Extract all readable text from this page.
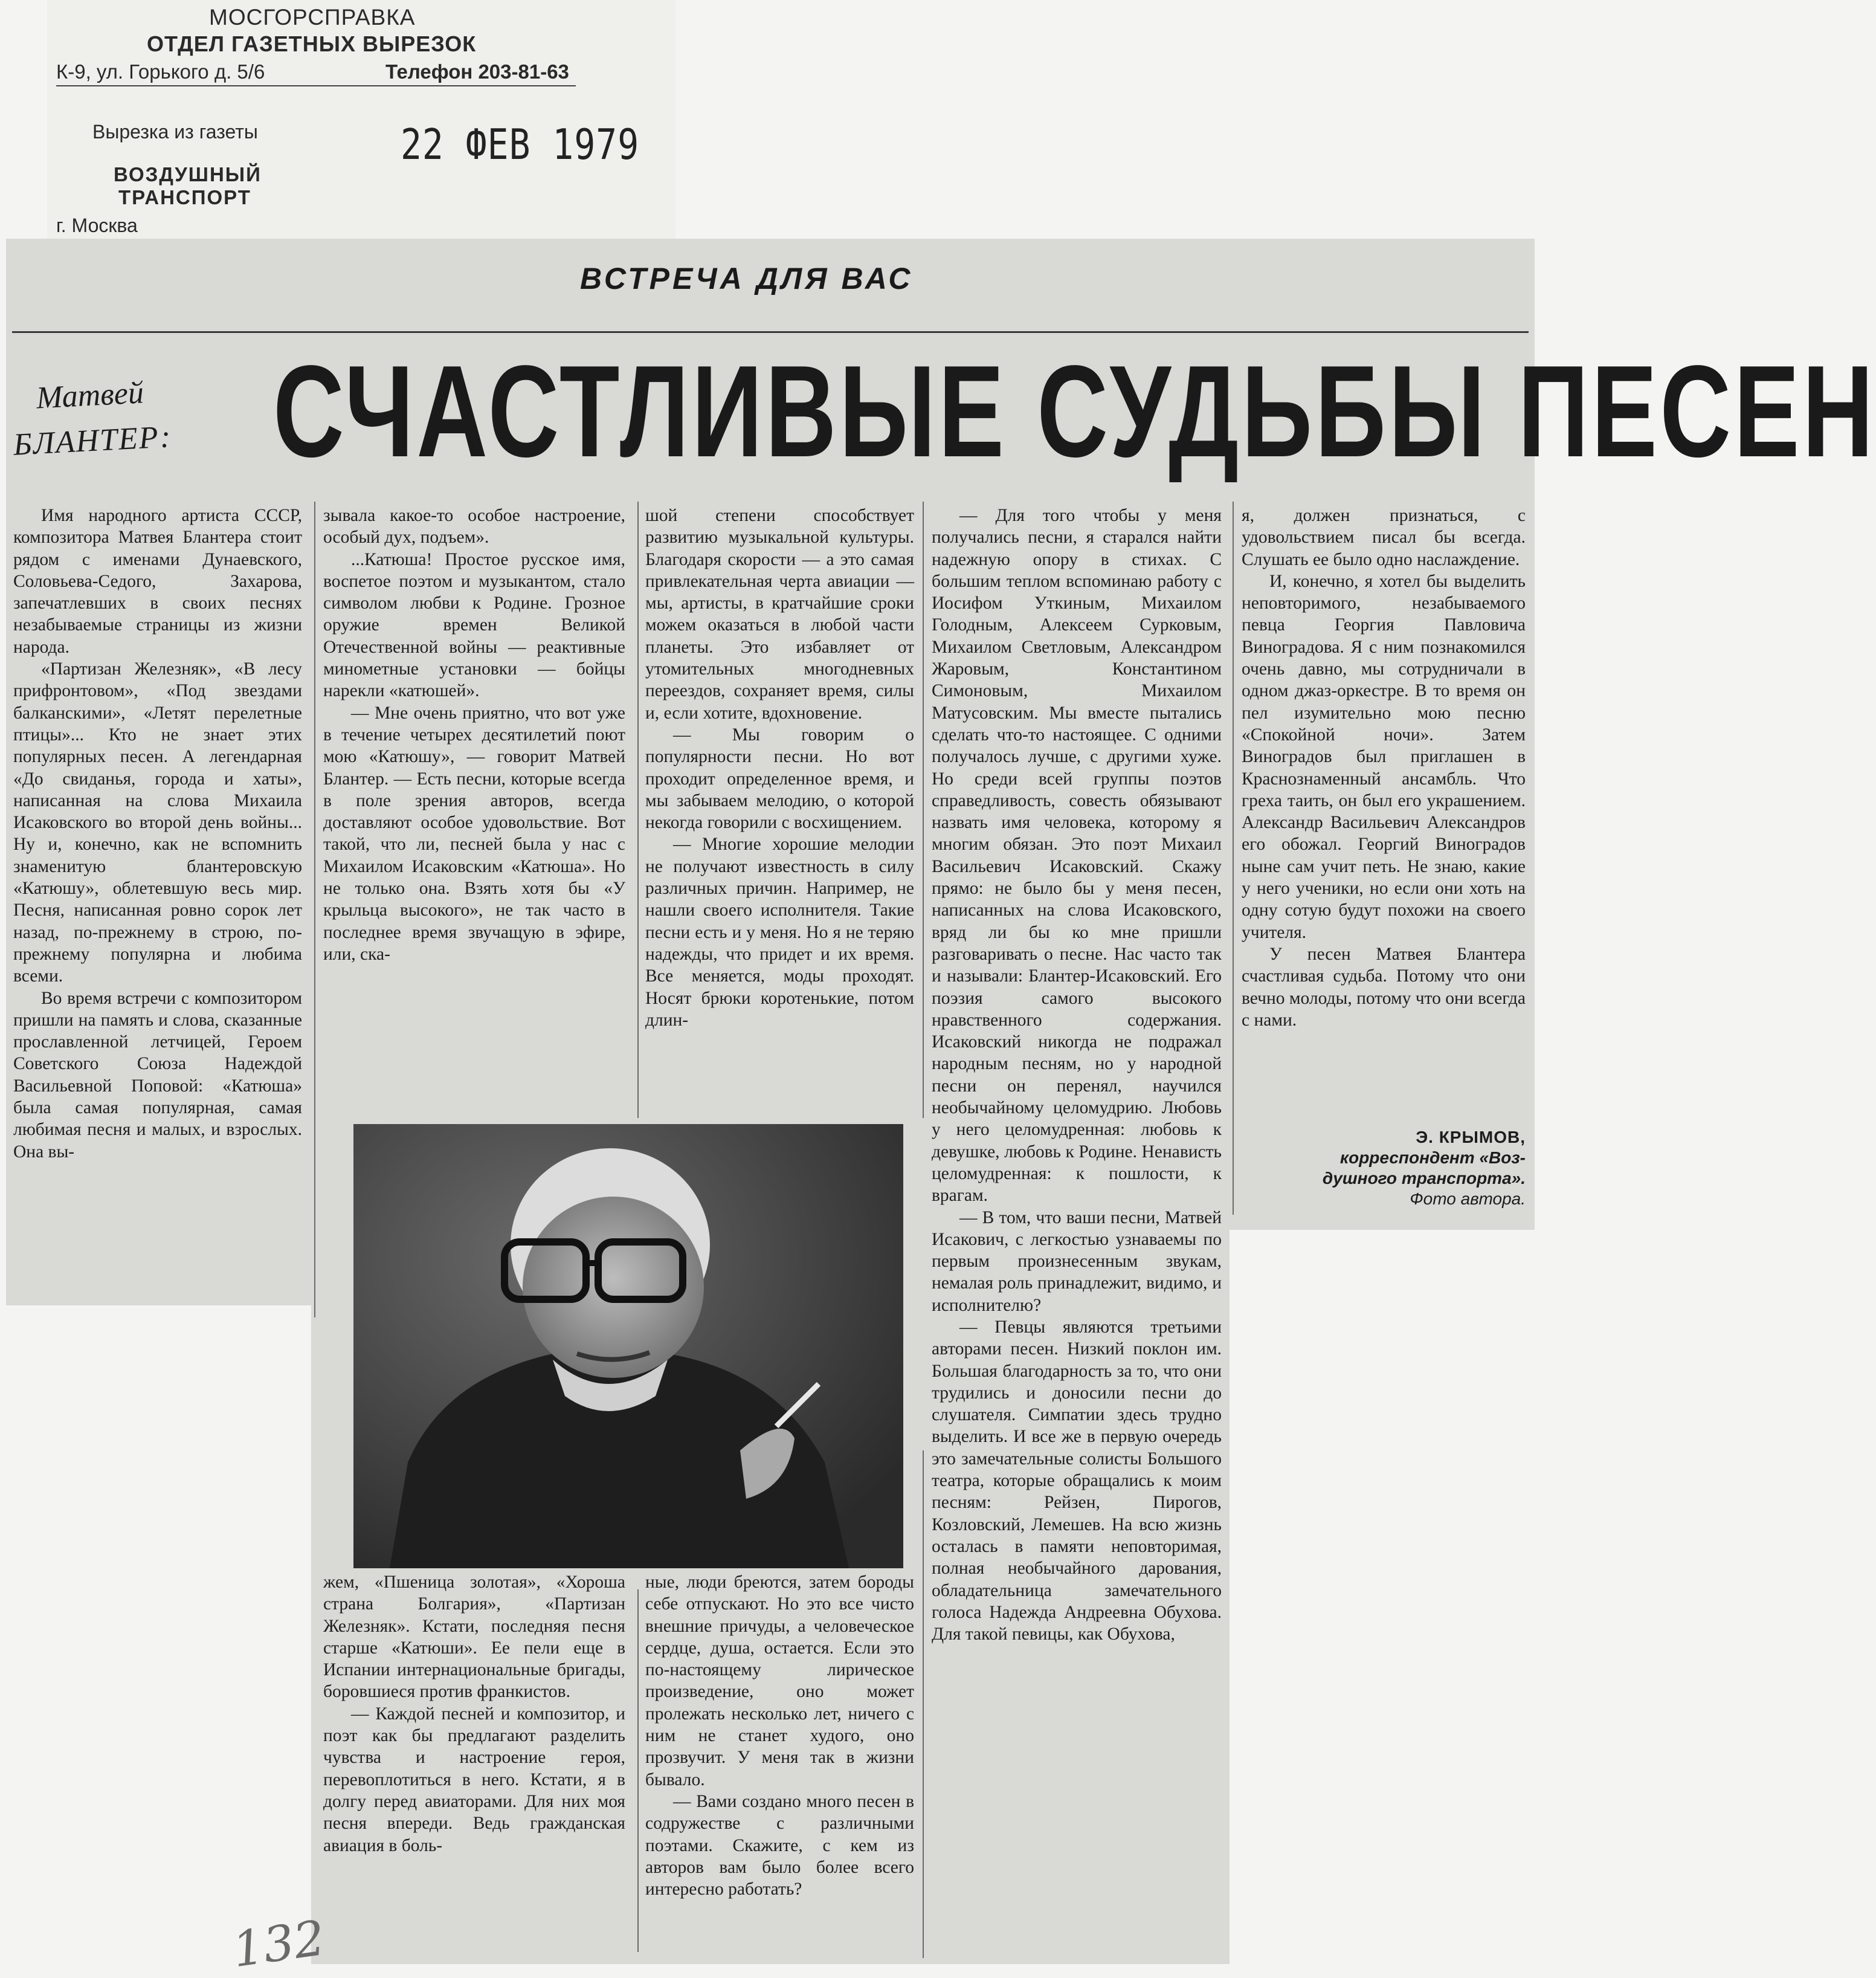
МОСГОРСПРАВКА
ОТДЕЛ ГАЗЕТНЫХ ВЫРЕЗОК
К-9, ул. Горького д. 5/6	Телефон 203-81-63
Вырезка из газеты
ВОЗДУШНЫЙ
ТРАНСПОРТ
г. Москва
22 ФЕВ 1979
ВСТРЕЧА ДЛЯ ВАС
Матвей
БЛАНТЕР: СЧАСТЛИВЫЕ СУДЬБЫ ПЕСЕН

Имя народного артиста СССР, композитора Матвея Блантера стоит рядом с именами Дунаевского, Соловьева-Седого, Захарова, запечатлевших в своих песнях незабываемые страницы из жизни народа.

«Партизан Железняк», «В лесу прифронтовом», «Под звездами балканскими», «Летят перелетные птицы»... Кто не знает этих популярных песен. А легендарная «До свиданья, города и хаты», написанная на слова Михаила Исаковского во второй день войны... Ну и, конечно, как не вспомнить знаменитую блантеровскую «Катюшу», облетевшую весь мир. Песня, написанная ровно сорок лет назад, по-прежнему в строю, по-прежнему популярна и любима всеми.

Во время встречи с композитором пришли на память и слова, сказанные прославленной летчицей, Героем Советского Союза Надеждой Васильевной Поповой: «Катюша» была самая популярная, самая любимая песня и малых, и взрослых. Она вы-

зывала какое-то особое настроение, особый дух, подъем».

...Катюша! Простое русское имя, воспетое поэтом и музыкантом, стало символом любви к Родине. Грозное оружие времен Великой Отечественной войны — реактивные минометные установки — бойцы нарекли «катюшей».

— Мне очень приятно, что вот уже в течение четырех десятилетий поют мою «Катюшу», — говорит Матвей Блантер. — Есть песни, которые всегда в поле зрения авторов, всегда доставляют особое удовольствие. Вот такой, что ли, песней была у нас с Михаилом Исаковским «Катюша». Но не только она. Взять хотя бы «У крыльца высокого», не так часто в последнее время звучащую в эфире, или, ска-

шой степени способствует развитию музыкальной культуры. Благодаря скорости — а это самая привлекательная черта авиации — мы, артисты, в кратчайшие сроки можем оказаться в любой части планеты. Это избавляет от утомительных многодневных переездов, сохраняет время, силы и, если хотите, вдохновение.

— Мы говорим о популярности песни. Но вот проходит определенное время, и мы забываем мелодию, о которой некогда говорили с восхищением.

— Многие хорошие мелодии не получают известность в силу различных причин. Например, не нашли своего исполнителя. Такие песни есть и у меня. Но я не теряю надежды, что придет и их время. Все меняется, моды проходят. Носят брюки коротенькие, потом длин-

жем, «Пшеница золотая», «Хороша страна Болгария», «Партизан Железняк». Кстати, последняя песня старше «Катюши». Ее пели еще в Испании интернациональные бригады, боровшиеся против франкистов.

— Каждой песней и композитор, и поэт как бы предлагают разделить чувства и настроение героя, перевоплотиться в него. Кстати, я в долгу перед авиаторами. Для них моя песня впереди. Ведь гражданская авиация в боль-

ные, люди бреются, затем бороды себе отпускают. Но это все чисто внешние причуды, а человеческое сердце, душа, остается. Если это по-настоящему лирическое произведение, оно может пролежать несколько лет, ничего с ним не станет худого, оно прозвучит. У меня так в жизни бывало.

— Вами создано много песен в содружестве с различными поэтами. Скажите, с кем из авторов вам было более всего интересно работать?

— Для того чтобы у меня получались песни, я старался найти надежную опору в стихах. С большим теплом вспоминаю работу с Иосифом Уткиным, Михаилом Голодным, Алексеем Сурковым, Михаилом Светловым, Александром Жаровым, Константином Симоновым, Михаилом Матусовским. Мы вместе пытались сделать что-то настоящее. С одними получалось лучше, с другими хуже. Но среди всей группы поэтов справедливость, совесть обязывают назвать имя человека, которому я многим обязан. Это поэт Михаил Васильевич Исаковский. Скажу прямо: не было бы у меня песен, написанных на слова Исаковского, вряд ли бы ко мне пришли разговаривать о песне. Нас часто так и называли: Блантер-Исаковский. Его поэзия самого высокого нравственного содержания. Исаковский никогда не подражал народным песням, но у народной песни он перенял, научился необычайному целомудрию. Любовь у него целомудренная: любовь к девушке, любовь к Родине. Ненависть целомудренная: к пошлости, к врагам.

— В том, что ваши песни, Матвей Исакович, с легкостью узнаваемы по первым произнесенным звукам, немалая роль принадлежит, видимо, и исполнителю?

— Певцы являются третьими авторами песен. Низкий поклон им. Большая благодарность за то, что они трудились и доносили песни до слушателя. Симпатии здесь трудно выделить. И все же в первую очередь это замечательные солисты Большого театра, которые обращались к моим песням: Рейзен, Пирогов, Козловский, Лемешев. На всю жизнь осталась в памяти неповторимая, полная необычайного дарования, обладательница замечательного голоса Надежда Андреевна Обухова. Для такой певицы, как Обухова,

я, должен признаться, с удовольствием писал бы всегда. Слушать ее было одно наслаждение.

И, конечно, я хотел бы выделить неповторимого, незабываемого певца Георгия Павловича Виноградова. Я с ним познакомился очень давно, мы сотрудничали в одном джаз-оркестре. В то время он пел изумительно мою песню «Спокойной ночи». Затем Виноградов был приглашен в Краснознаменный ансамбль. Что греха таить, он был его украшением. Александр Васильевич Александров его обожал. Георгий Виноградов ныне сам учит петь. Не знаю, какие у него ученики, но если они хоть на одну сотую будут похожи на своего учителя.

У песен Матвея Блантера счастливая судьба. Потому что они вечно молоды, потому что они всегда с нами.

Э. КРЫМОВ,
корреспондент «Воз-
душного транспорта».
Фото автора.
132
